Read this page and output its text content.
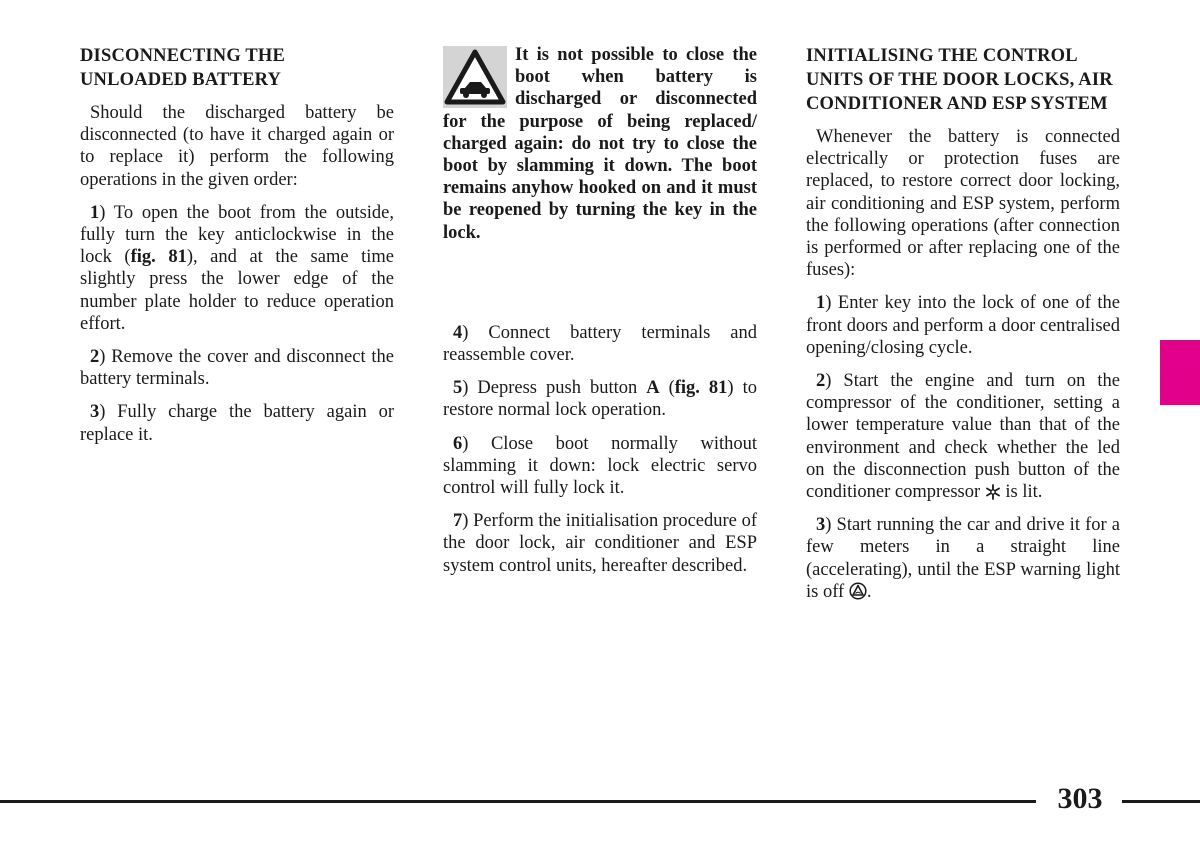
DISCONNECTING THE UNLOADED BATTERY

Should the discharged battery be disconnected (to have it charged again or to replace it) perform the following operations in the given order:

1) To open the boot from the outside, fully turn the key anticlockwise in the lock (fig. 81), and at the same time slightly press the lower edge of the number plate holder to reduce operation effort.

2) Remove the cover and disconnect the battery terminals.

3) Fully charge the battery again or replace it.

It is not possible to close the boot when battery is discharged or disconnected for the purpose of being replaced/ charged again: do not try to close the boot by slamming it down. The boot remains anyhow hooked on and it must be reopened by turning the key in the lock.

4) Connect battery terminals and reassemble cover.

5) Depress push button A (fig. 81) to restore normal lock operation.

6) Close boot normally without slamming it down: lock electric servo control will fully lock it.

7) Perform the initialisation procedure of the door lock, air conditioner and ESP system control units, hereafter described.

INITIALISING THE CONTROL UNITS OF THE DOOR LOCKS, AIR CONDITIONER AND ESP SYSTEM

Whenever the battery is connected electrically or protection fuses are replaced, to restore correct door locking, air conditioning and ESP system, perform the following operations (after connection is performed or after replacing one of the fuses):

1) Enter key into the lock of one of the front doors and perform a door centralised opening/closing cycle.

2) Start the engine and turn on the compressor of the conditioner, setting a lower temperature value than that of the environment and check whether the led on the disconnection push button of the conditioner compressor is lit.

3) Start running the car and drive it for a few meters in a straight line (accelerating), until the ESP warning light is off .

303
